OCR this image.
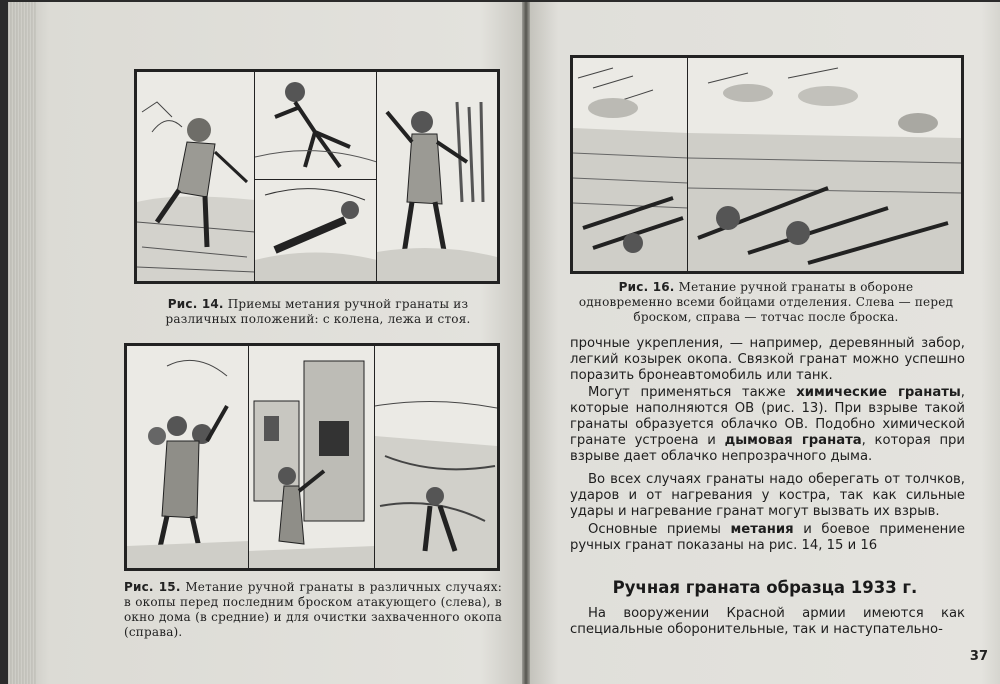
Рис. 14. Приемы метания ручной гранаты из различных положений: с колена, лежа и стоя.
Рис. 15. Метание ручной гранаты в различных случаях: в окопы перед последним броском атакующего (слева), в окно дома (в средние) и для очистки захваченного окопа (справа).
Рис. 16. Метание ручной гранаты в обороне одновременно всеми бойцами отделения. Слева — перед броском, справа — тотчас после броска.

прочные укрепления, — например, деревянный забор, легкий козырек окопа. Связкой гранат можно успешно поразить бронеавтомобиль или танк.

Могут применяться также химические гранаты, которые наполняются ОВ (рис. 13). При взрыве такой гранаты образуется облачко ОВ. Подобно химической гранате устроена и дымовая граната, которая при взрыве дает облачко непрозрачного дыма.

Во всех случаях гранаты надо оберегать от толчков, ударов и от нагревания у костра, так как сильные удары и нагревание гранат могут вызвать их взрыв.

Основные приемы метания и боевое применение ручных гранат показаны на рис. 14, 15 и 16

Ручная граната образца 1933 г.

На вооружении Красной армии имеются как специальные оборонительные, так и наступательно-

37
